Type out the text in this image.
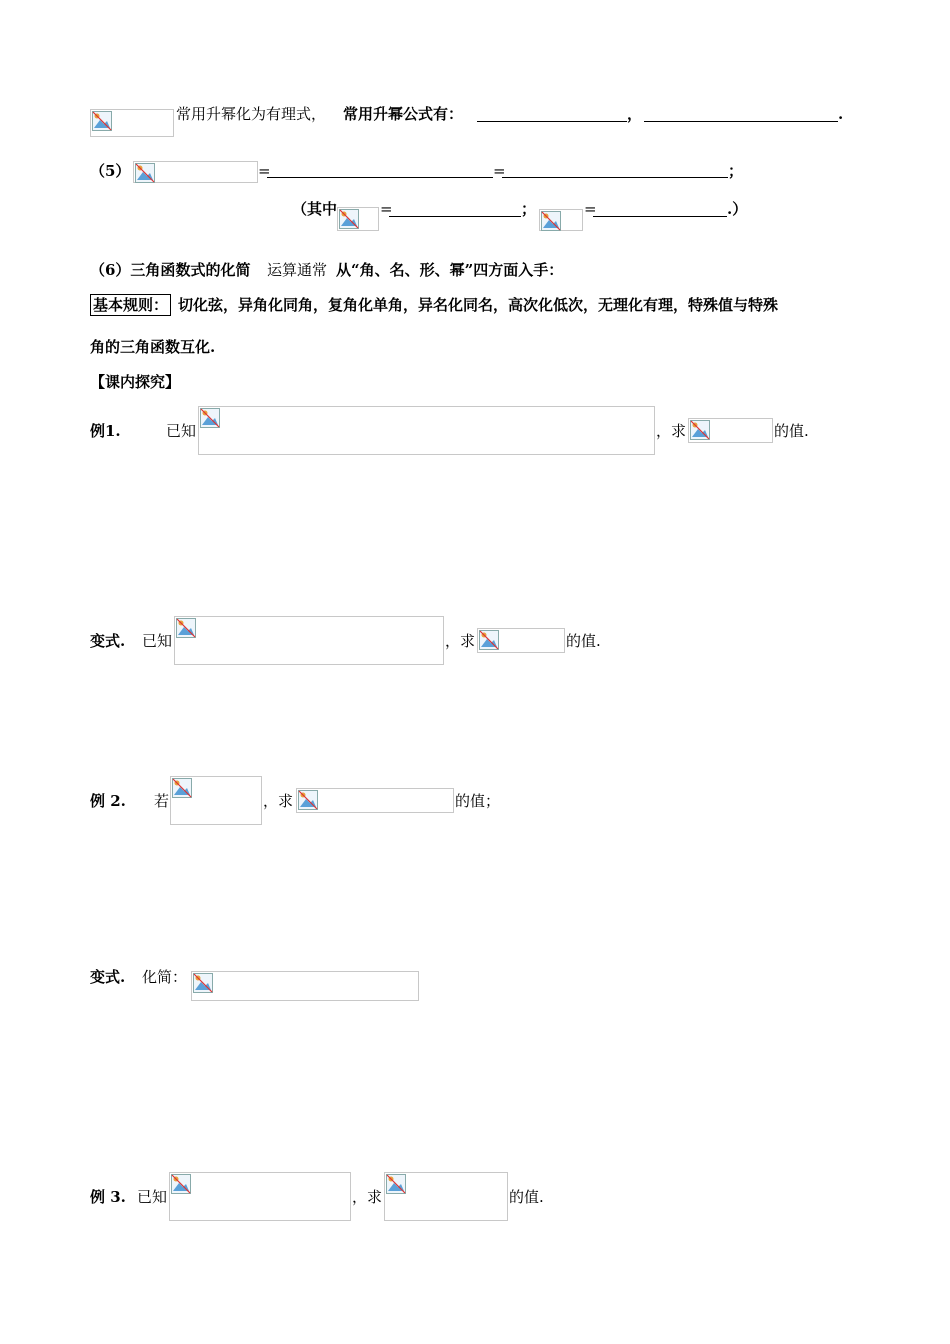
常用升幂化为有理式， 常用升幂公式有：	，	.
（5）	=	=	；
（其中	=	；	=	.）
（6）三角函数式的化简 运算通常 从“角、名、形、幂”四方面入手：
基本规则： 切化弦，异角化同角，复角化单角，异名化同名，高次化低次，无理化有理，特殊值与特殊
角的三角函数互化.
【课内探究】
例1.	已知	，求	的值.
变式. 已知	，求	的值.
例 2. 若	，求	的值；
变式. 化简：
例 3. 已知	，求	的值.
